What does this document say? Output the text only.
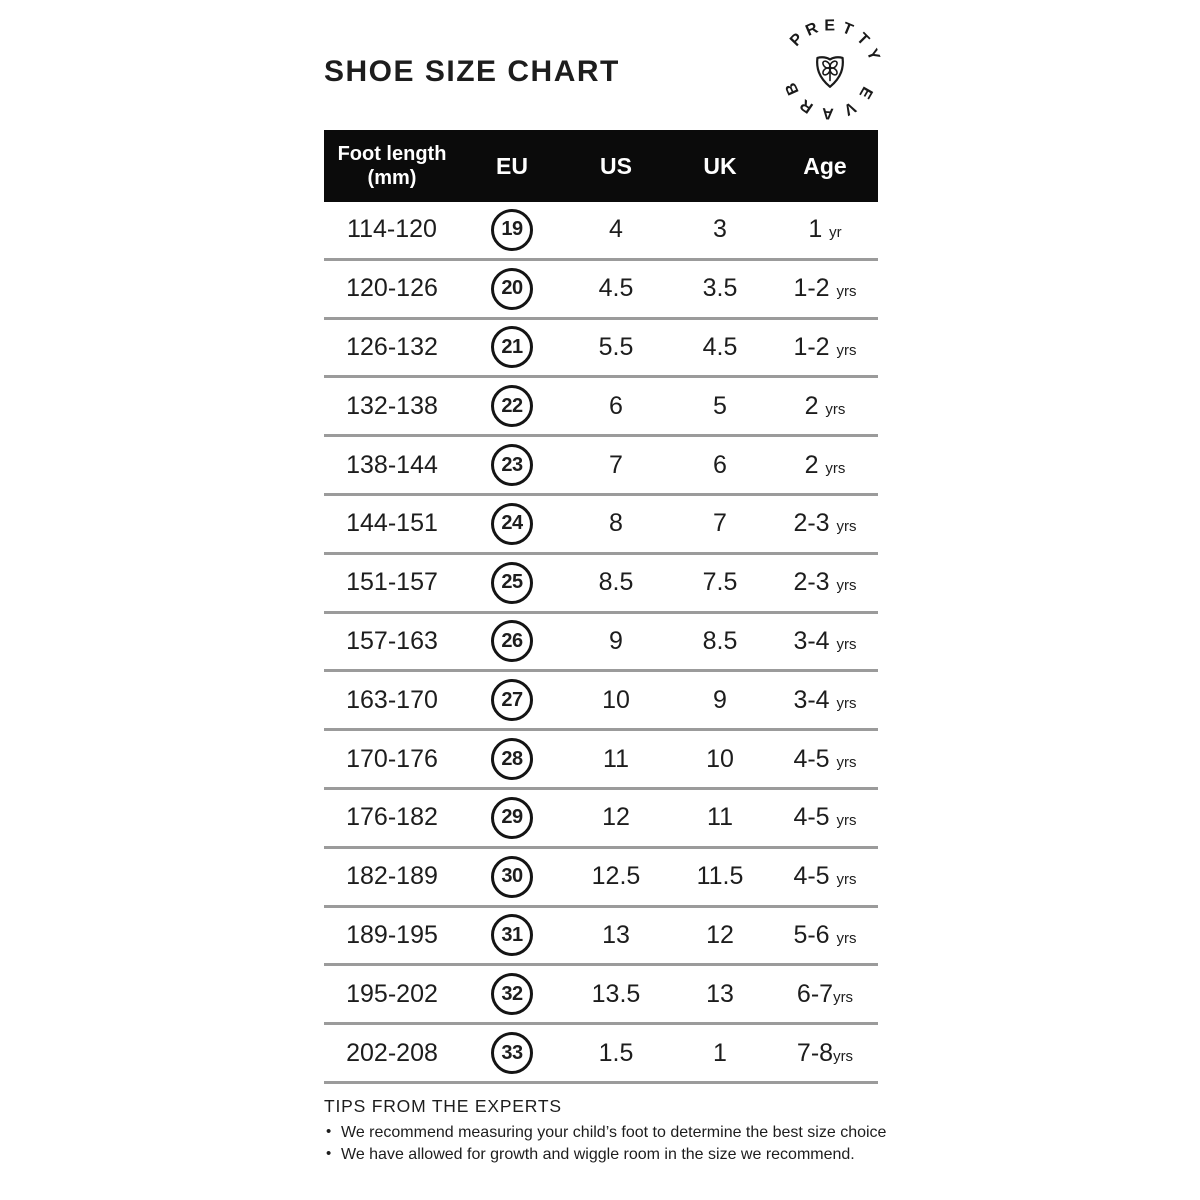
SHOE SIZE CHART
P
R E T
T
Y
B
R A V
E
Foot length
(mm)	EU	US	UK	Age
114-120	19	4	3	1 yr
120-126	20	4.5	3.5	1-2 yrs
126-132	21	5.5	4.5	1-2 yrs
132-138	22	6	5	2 yrs
138-144	23	7	6	2 yrs
144-151	24	8	7	2-3 yrs
151-157	25	8.5	7.5	2-3 yrs
157-163	26	9	8.5	3-4 yrs
163-170	27	10	9	3-4 yrs
170-176	28	11	10	4-5 yrs
176-182	29	12	11	4-5 yrs
182-189	30	12.5	11.5	4-5 yrs
189-195	31	13	12	5-6 yrs
195-202	32	13.5	13	6-7yrs
202-208	33	1.5	1	7-8yrs
TIPS FROM THE EXPERTS
• We recommend measuring your child’s foot to determine the best size choice
• We have allowed for growth and wiggle room in the size we recommend.
